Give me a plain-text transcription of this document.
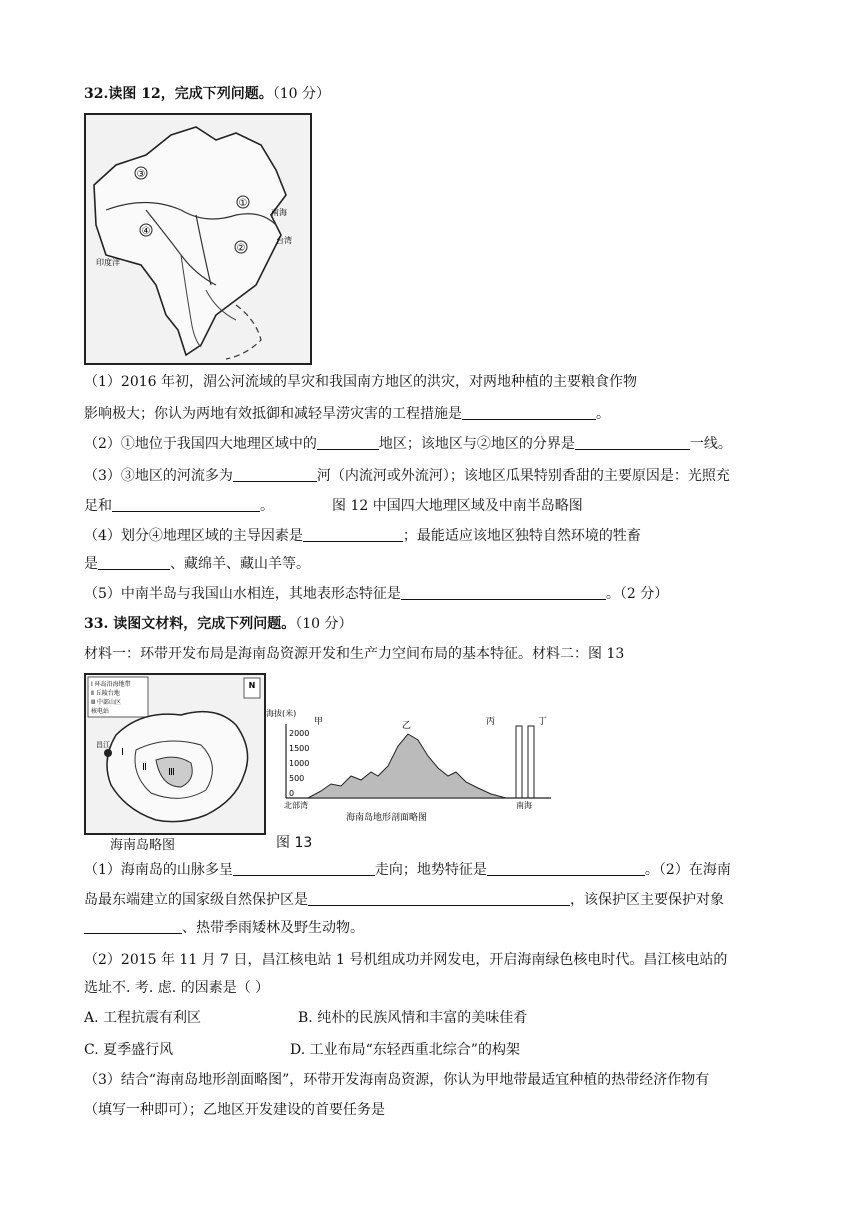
32.读图 12，完成下列问题。（10 分）
③
①
④
②
南海
台湾
印度洋
（1）2016 年初，湄公河流域的旱灾和我国南方地区的洪灾，对两地种植的主要粮食作物
影响极大；你认为两地有效抵御和减轻旱涝灾害的工程措施是	。
（2）①地位于我国四大地理区域中的	地区；该地区与②地区的分界是	一线。
（3）③地区的河流多为	河（内流河或外流河）；该地区瓜果特别香甜的主要原因是：光照充
足和	。	图 12 中国四大地理区域及中南半岛略图
（4）划分④地理区域的主导因素是	；最能适应该地区独特自然环境的牲畜
是	、藏绵羊、藏山羊等。
（5）中南半岛与我国山水相连，其地表形态特征是	。（2 分）
33. 读图文材料，完成下列问题。（10 分）
材料一：环带开发布局是海南岛资源开发和生产力空间布局的基本特征。材料二：图 13
Ⅰ 环岛沿海地带
Ⅱ 丘陵台地
Ⅲ 中部山区
核电站
N
Ⅰ
Ⅱ Ⅲ
昌江
海南岛略图
海拔(米)
2000
1500
1000
500
0
甲	乙	丙	丁
北部湾	南海
海南岛地形剖面略图
图 13
（1）海南岛的山脉多呈	走向；地势特征是	。（2）在海南
岛最东端建立的国家级自然保护区是	，该保护区主要保护对象
、热带季雨矮林及野生动物。
（2）2015 年 11 月 7 日，昌江核电站 1 号机组成功并网发电，开启海南绿色核电时代。昌江核电站的
选址不. 考. 虑. 的因素是（ ）
A. 工程抗震有利区	B. 纯朴的民族风情和丰富的美味佳肴
C. 夏季盛行风	D. 工业布局“东轻西重北综合”的构架
（3）结合“海南岛地形剖面略图”，环带开发海南岛资源，你认为甲地带最适宜种植的热带经济作物有
（填写一种即可）；乙地区开发建设的首要任务是
